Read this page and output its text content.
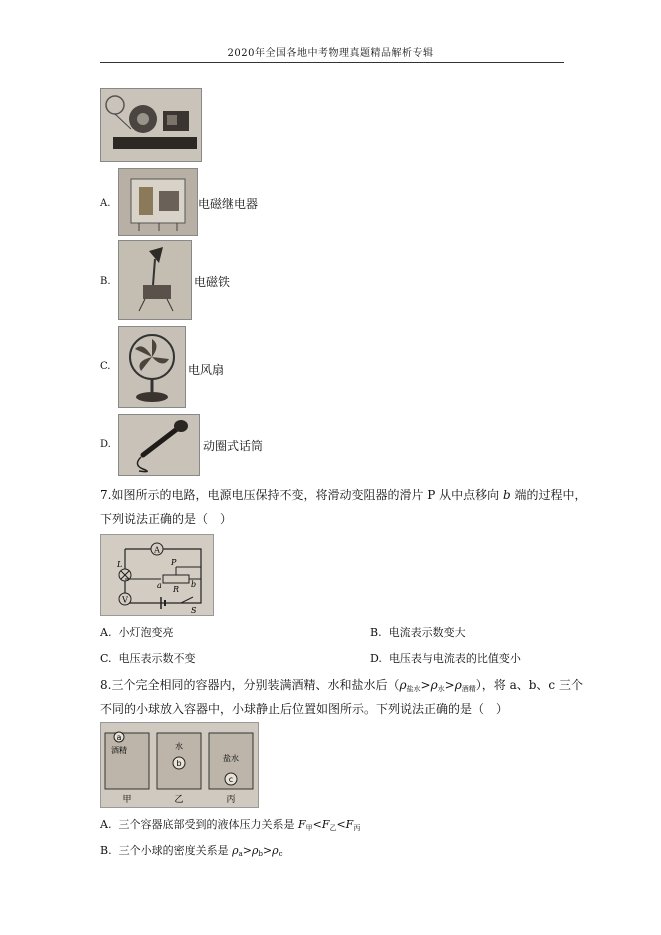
2020年全国各地中考物理真题精品解析专辑
A.	电磁继电器
B.	电磁铁
C.	电风扇
D.	动圈式话筒
7.如图所示的电路，电源电压保持不变，将滑动变阻器的滑片 P 从中点移向 b 端的过程中，
下列说法正确的是（　）
A
L
V
P
R
a	b
S
A. 小灯泡变亮	B. 电流表示数变大
C. 电压表示数不变	D. 电压表与电流表的比值变小
8.三个完全相同的容器内，分别装满酒精、水和盐水后$(\rho_{盐水}>\rho_水>\rho_{酒精})$，将 a、b、c 三个
不同的小球放入容器中，小球静止后位置如图所示。下列说法正确的是（　）
a
b
c
酒精	水
盐水
甲	乙	丙
A. 三个容器底部受到的液体压力关系是 $F_甲<F_乙<F_丙$
B. 三个小球的密度关系是 $\rho_a>\rho_b>\rho_c$
